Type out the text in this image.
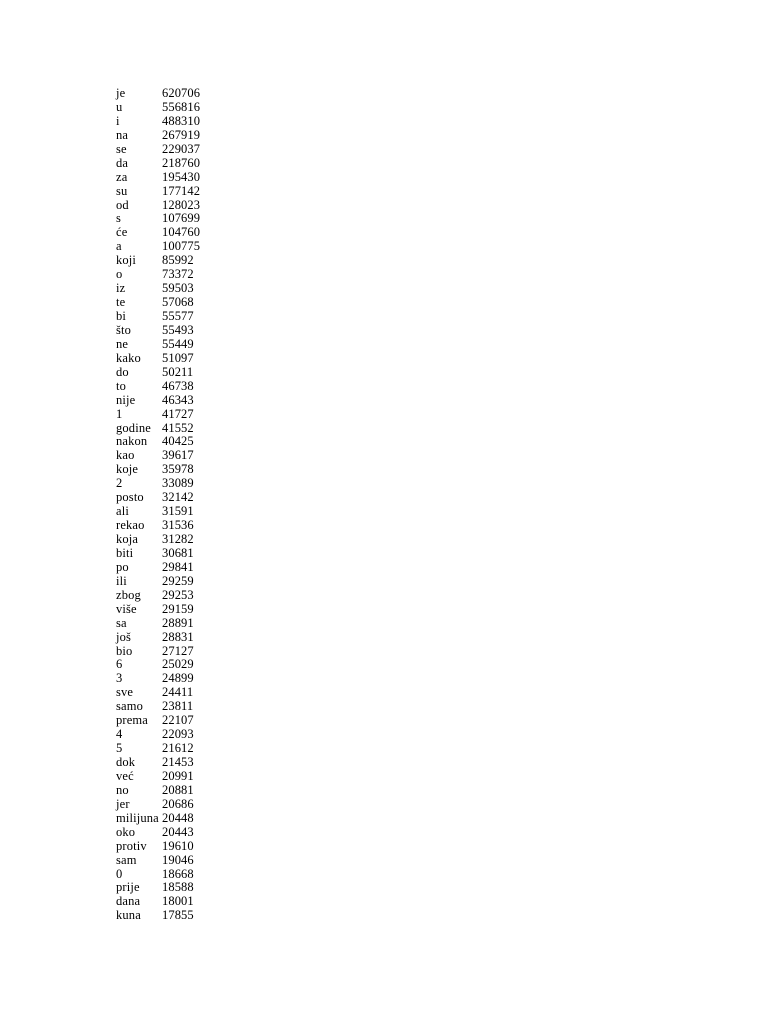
je	620706
u	556816
i	488310
na	267919
se	229037
da	218760
za	195430
su	177142
od	128023
s	107699
će	104760
a	100775
koji 85992
o	73372
iz	59503
te	57068
bi	55577
što 55493
ne	55449
kako 51097
do	50211
to	46738
nije 46343
1	41727
godine 41552
nakon 40425
kao 39617
koje 35978
2	33089
posto 32142
ali	31591
rekao 31536
koja 31282
biti 30681
po	29841
ili	29259
zbog 29253
više 29159
sa	28891
još 28831
bio 27127
6	25029
3	24899
sve 24411
samo 23811
prema 22107
4	22093
5	21612
dok 21453
već 20991
no	20881
jer	20686
milijuna 20448
oko 20443
protiv 19610
sam 19046
0	18668
prije 18588
dana 18001
kuna 17855
